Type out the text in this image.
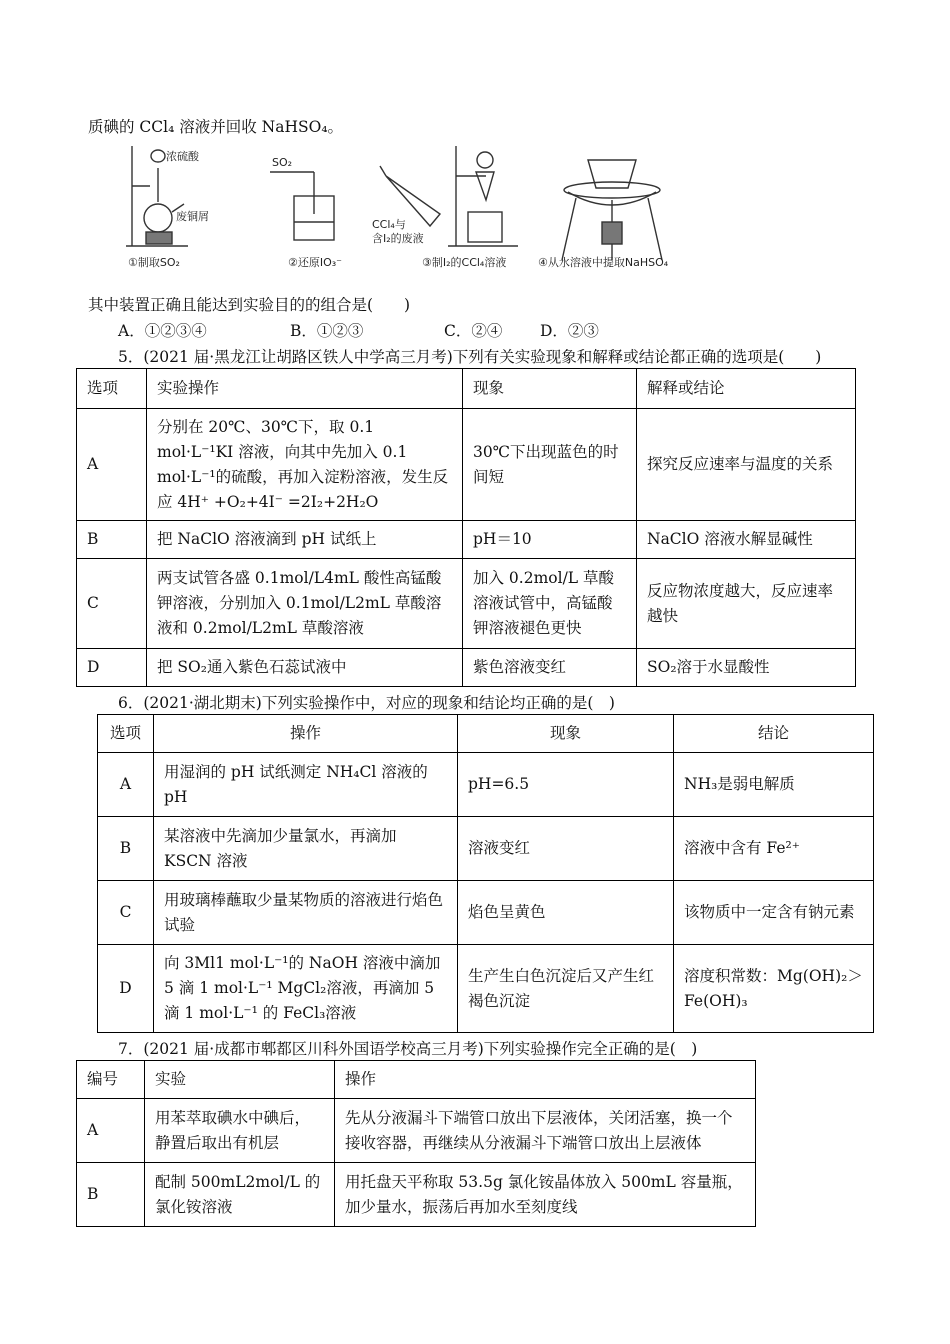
质碘的 CCl₄ 溶液并回收 NaHSO₄。
浓硫酸
废铜屑
SO₂
CCl₄与
含I₂的废液
①制取SO₂	②还原IO₃⁻	③制I₂的CCl₄溶液	④从水溶液中提取NaHSO₄
其中装置正确且能达到实验目的的组合是(　　)
A．①②③④	B．①②③	C．②④ D．②③
5．(2021 届·黑龙江让胡路区铁人中学高三月考)下列有关实验现象和解释或结论都正确的选项是(　　)
选项	实验操作	现象	解释或结论
A	分别在 20℃、30℃下，取 0.1 mol·L⁻¹KI 溶液，向其中先加入 0.1 mol·L⁻¹的硫酸，再加入淀粉溶液，发生反应 4H⁺ +O₂+4I⁻ =2I₂+2H₂O	30℃下出现蓝色的时间短	探究反应速率与温度的关系
B	把 NaClO 溶液滴到 pH 试纸上	pH＝10	NaClO 溶液水解显碱性
C	两支试管各盛 0.1mol/L4mL 酸性高锰酸钾溶液，分别加入 0.1mol/L2mL 草酸溶液和 0.2mol/L2mL 草酸溶液	加入 0.2mol/L 草酸溶液试管中，高锰酸钾溶液褪色更快	反应物浓度越大，反应速率越快
D	把 SO₂通入紫色石蕊试液中	紫色溶液变红	SO₂溶于水显酸性
6．(2021·湖北期末)下列实验操作中，对应的现象和结论均正确的是(　)
选项	操作	现象	结论
A	用湿润的 pH 试纸测定 NH₄Cl 溶液的 pH	pH=6.5	NH₃是弱电解质
B	某溶液中先滴加少量氯水，再滴加 KSCN 溶液	溶液变红	溶液中含有 Fe²⁺
C	用玻璃棒蘸取少量某物质的溶液进行焰色试验	焰色呈黄色	该物质中一定含有钠元素
D	向 3Ml1 mol·L⁻¹的 NaOH 溶液中滴加 5 滴 1 mol·L⁻¹ MgCl₂溶液，再滴加 5 滴 1 mol·L⁻¹ 的 FeCl₃溶液	生产生白色沉淀后又产生红褐色沉淀	溶度积常数：Mg(OH)₂＞Fe(OH)₃
7．(2021 届·成都市郫都区川科外国语学校高三月考)下列实验操作完全正确的是(　)
编号	实验	操作
A	用苯萃取碘水中碘后，静置后取出有机层	先从分液漏斗下端管口放出下层液体，关闭活塞，换一个接收容器，再继续从分液漏斗下端管口放出上层液体
B	配制 500mL2mol/L 的氯化铵溶液	用托盘天平称取 53.5g 氯化铵晶体放入 500mL 容量瓶，加少量水，振荡后再加水至刻度线
